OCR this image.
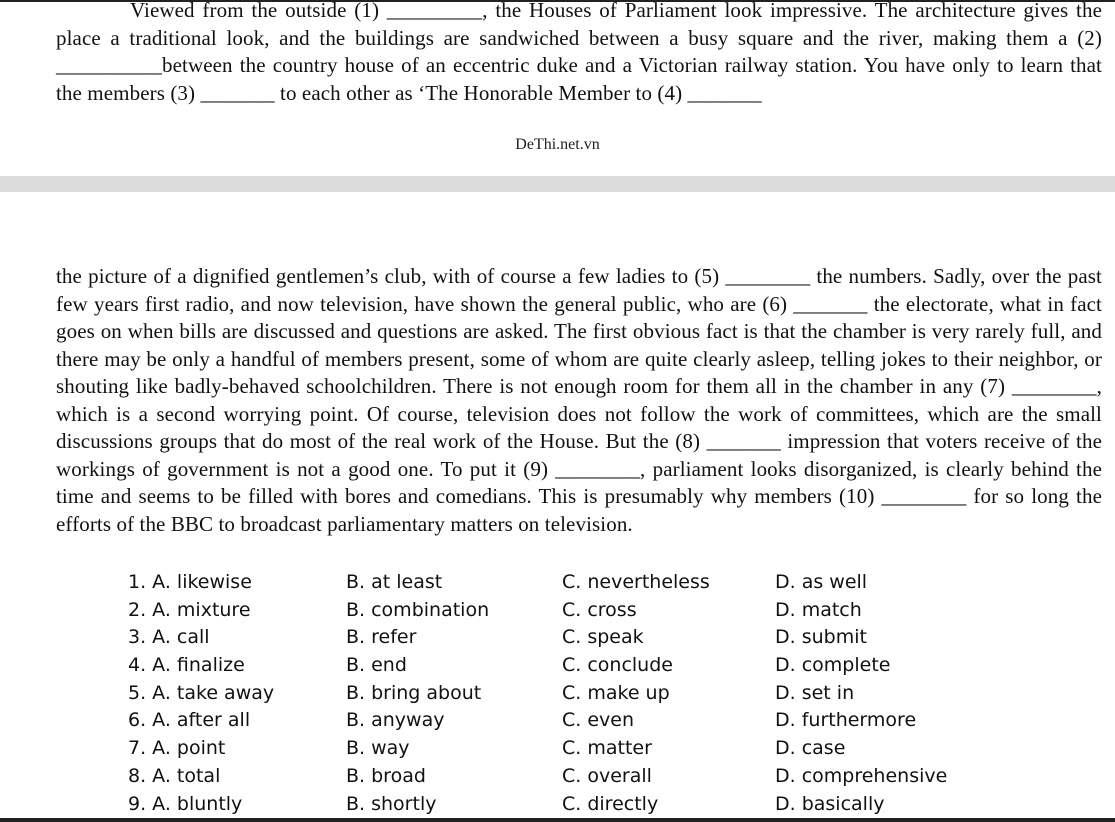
Viewed from the outside (1) _________, the Houses of Parliament look impressive. The architecture gives the place a traditional look, and the buildings are sandwiched between a busy square and the river, making them a (2) __________between the country house of an eccentric duke and a Victorian railway station. You have only to learn that the members (3) _______ to each other as ‘The Honorable Member to (4) _______
DeThi.net.vn
the picture of a dignified gentlemen’s club, with of course a few ladies to (5) ________ the numbers. Sadly, over the past few years first radio, and now television, have shown the general public, who are (6) _______ the electorate, what in fact goes on when bills are discussed and questions are asked. The first obvious fact is that the chamber is very rarely full, and there may be only a handful of members present, some of whom are quite clearly asleep, telling jokes to their neighbor, or shouting like badly-behaved schoolchildren. There is not enough room for them all in the chamber in any (7) ________, which is a second worrying point. Of course, television does not follow the work of committees, which are the small discussions groups that do most of the real work of the House. But the (8) _______ impression that voters receive of the workings of government is not a good one. To put it (9) ________, parliament looks disorganized, is clearly behind the time and seems to be filled with bores and comedians. This is presumably why members (10) ________ for so long the efforts of the BBC to broadcast parliamentary matters on television.
1. A. likewise	B. at least	C. nevertheless	D. as well
2. A. mixture	B. combination	C. cross	D. match
3. A. call	B. refer	C. speak	D. submit
4. A. finalize	B. end	C. conclude	D. complete
5. A. take away	B. bring about	C. make up	D. set in
6. A. after all	B. anyway	C. even	D. furthermore
7. A. point	B. way	C. matter	D. case
8. A. total	B. broad	C. overall	D. comprehensive
9. A. bluntly	B. shortly	C. directly	D. basically
